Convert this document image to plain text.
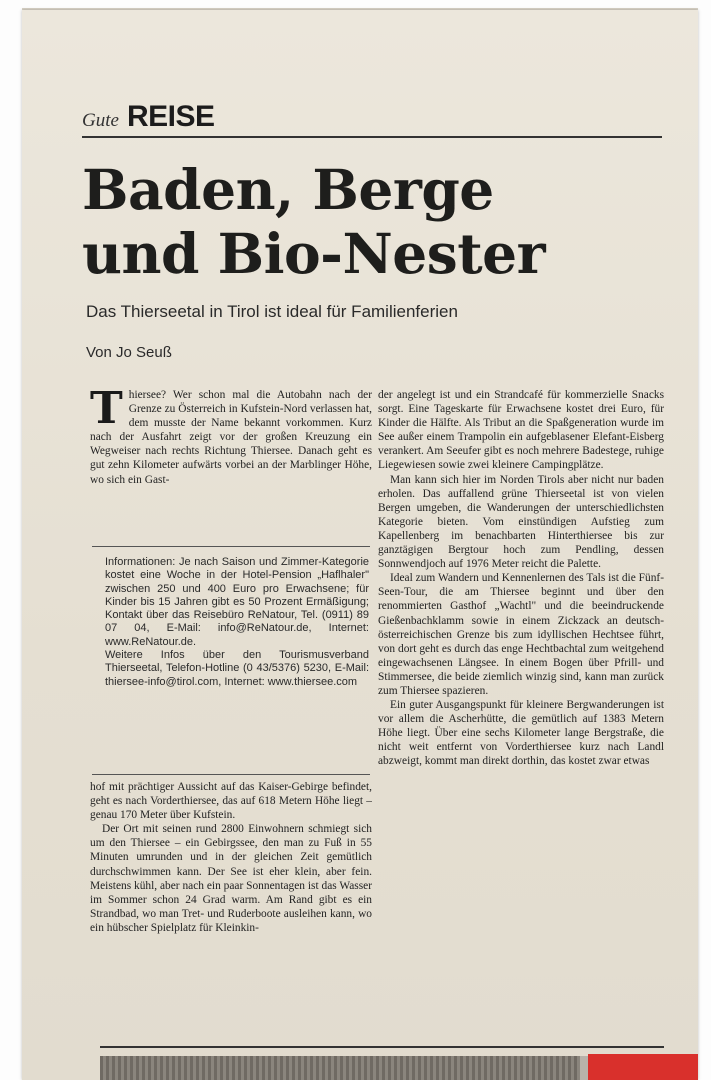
Gute REISE
Baden, Berge
und Bio-Nester
Das Thierseetal in Tirol ist ideal für Familienferien
Von Jo Seuß

Thiersee? Wer schon mal die Autobahn nach der Grenze zu Österreich in Kufstein-Nord verlassen hat, dem musste der Name bekannt vorkommen. Kurz nach der Ausfahrt zeigt vor der großen Kreuzung ein Wegweiser nach rechts Richtung Thiersee. Danach geht es gut zehn Kilometer aufwärts vorbei an der Marblinger Höhe, wo sich ein Gast-

Informationen: Je nach Saison und Zimmer-Kategorie kostet eine Woche in der Hotel-Pension „Haflhaler" zwischen 250 und 400 Euro pro Erwachsene; für Kinder bis 15 Jahren gibt es 50 Prozent Ermäßigung; Kontakt über das Reisebüro ReNatour, Tel. (0911) 89 07 04, E-Mail: info@ReNatour.de, Internet: www.ReNatour.de.

Weitere Infos über den Tourismusverband Thierseetal, Telefon-Hotline (0 43/5376) 5230, E-Mail: thiersee-info@tirol.com, Internet: www.thiersee.com

hof mit prächtiger Aussicht auf das Kaiser-Gebirge befindet, geht es nach Vorderthiersee, das auf 618 Metern Höhe liegt – genau 170 Meter über Kufstein.

Der Ort mit seinen rund 2800 Einwohnern schmiegt sich um den Thiersee – ein Gebirgssee, den man zu Fuß in 55 Minuten umrunden und in der gleichen Zeit gemütlich durchschwimmen kann. Der See ist eher klein, aber fein. Meistens kühl, aber nach ein paar Sonnentagen ist das Wasser im Sommer schon 24 Grad warm. Am Rand gibt es ein Strandbad, wo man Tret- und Ruderboote ausleihen kann, wo ein hübscher Spielplatz für Kleinkin-

der angelegt ist und ein Strandcafé für kommerzielle Snacks sorgt. Eine Tageskarte für Erwachsene kostet drei Euro, für Kinder die Hälfte. Als Tribut an die Spaßgeneration wurde im See außer einem Trampolin ein aufgeblasener Elefant-Eisberg verankert. Am Seeufer gibt es noch mehrere Badestege, ruhige Liegewiesen sowie zwei kleinere Campingplätze.

Man kann sich hier im Norden Tirols aber nicht nur baden erholen. Das auffallend grüne Thierseetal ist von vielen Bergen umgeben, die Wanderungen der unterschiedlichsten Kategorie bieten. Vom einstündigen Aufstieg zum Kapellenberg im benachbarten Hinterthiersee bis zur ganztägigen Bergtour hoch zum Pendling, dessen Sonnwendjoch auf 1976 Meter reicht die Palette.

Ideal zum Wandern und Kennenlernen des Tals ist die Fünf-Seen-Tour, die am Thiersee beginnt und über den renommierten Gasthof „Wachtl" und die beeindruckende Gießenbachklamm sowie in einem Zickzack an deutsch-österreichischen Grenze bis zum idyllischen Hechtsee führt, von dort geht es durch das enge Hechtbachtal zum weitgehend eingewachsenen Längsee. In einem Bogen über Pfrill- und Stimmersee, die beide ziemlich winzig sind, kann man zurück zum Thiersee spazieren.

Ein guter Ausgangspunkt für kleinere Bergwanderungen ist vor allem die Ascherhütte, die gemütlich auf 1383 Metern Höhe liegt. Über eine sechs Kilometer lange Bergstraße, die nicht weit entfernt von Vorderthiersee kurz nach Landl abzweigt, kommt man direkt dorthin, das kostet zwar etwas
